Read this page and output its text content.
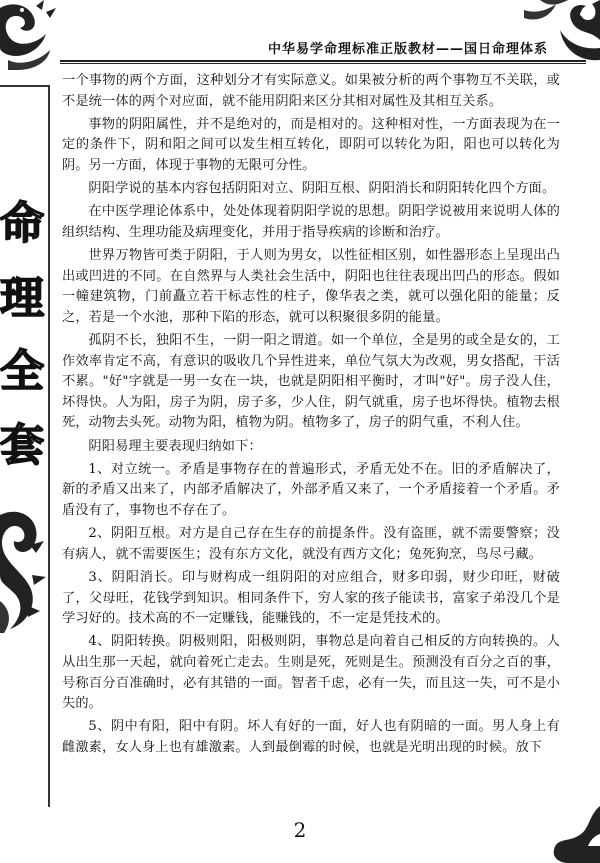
中华易学命理标准正版教材——国日命理体系
命
理
全
套

一个事物的两个方面，这种划分才有实际意义。如果被分析的两个事物互不关联，或不是统一体的两个对应面，就不能用阴阳来区分其相对属性及其相互关系。

事物的阴阳属性，并不是绝对的，而是相对的。这种相对性，一方面表现为在一定的条件下，阴和阳之间可以发生相互转化，即阴可以转化为阳，阳也可以转化为阴。另一方面，体现于事物的无限可分性。

阴阳学说的基本内容包括阴阳对立、阴阳互根、阴阳消长和阴阳转化四个方面。

在中医学理论体系中，处处体现着阴阳学说的思想。阴阳学说被用来说明人体的组织结构、生理功能及病理变化，并用于指导疾病的诊断和治疗。

世界万物皆可类于阴阳，于人则为男女，以性征相区别，如性器形态上呈现出凸出或凹进的不同。在自然界与人类社会生活中，阴阳也往往表现出凹凸的形态。假如一幢建筑物，门前矗立若干标志性的柱子，像华表之类，就可以强化阳的能量；反之，若是一个水池，那种下陷的形态，就可以积聚很多阴的能量。

孤阴不长，独阳不生，一阴一阳之谓道。如一个单位，全是男的或全是女的，工作效率肯定不高，有意识的吸收几个异性进来，单位气氛大为改观，男女搭配，干活不累。"好"字就是一男一女在一块，也就是阴阳相平衡时，才叫"好"。房子没人住，坏得快。人为阳，房子为阴，房子多，少人住，阴气就重，房子也坏得快。植物去根死，动物去头死。动物为阳，植物为阴。植物多了，房子的阴气重，不利人住。

阴阳易理主要表现归纳如下：

1、对立统一。矛盾是事物存在的普遍形式，矛盾无处不在。旧的矛盾解决了，新的矛盾又出来了，内部矛盾解决了，外部矛盾又来了，一个矛盾接着一个矛盾。矛盾没有了，事物也不存在了。

2、阴阳互根。对方是自己存在生存的前提条件。没有盗匪，就不需要警察；没有病人，就不需要医生；没有东方文化，就没有西方文化；兔死狗烹，鸟尽弓藏。

3、阴阳消长。印与财构成一组阴阳的对应组合，财多印弱，财少印旺，财破了，父母旺，花钱学到知识。相同条件下，穷人家的孩子能读书，富家子弟没几个是学习好的。技术高的不一定赚钱，能赚钱的，不一定是凭技术的。

4、阴阳转换。阴极则阳，阳极则阴，事物总是向着自己相反的方向转换的。人从出生那一天起，就向着死亡走去。生则是死，死则是生。预测没有百分之百的事，号称百分百准确时，必有其错的一面。智者千虑，必有一失，而且这一失，可不是小失的。

5、阴中有阳，阳中有阴。坏人有好的一面，好人也有阴暗的一面。男人身上有雌激素，女人身上也有雄激素。人到最倒霉的时候，也就是光明出现的时候。放下

2
